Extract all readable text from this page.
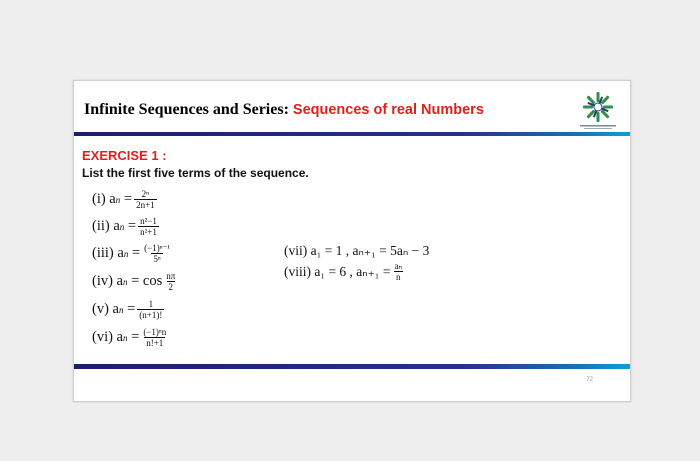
Infinite Sequences and Series: Sequences of real Numbers
EXERCISE 1 :
List the first five terms of the sequence.
(i) a n
= $\frac{\text{2ⁿ}}{2n+1}$
(ii) a n
= $\frac{\text{n²−1}}{\text{n²+1}}$
(iii) a n
= $\frac{\text{(−1)ⁿ⁻¹}}{\text{5ⁿ}}$
(iv) a n
= $\cos \frac{n\pi}{2}$
(v) a n
= $\frac{1}{(n+1)!}$
(vi) a n
= $\frac{\text{(−1)ⁿn}}{n!+1}$
(vii) a₁ = 1 , aₙ₊₁ = 5aₙ − 3
(viii) a₁ = 6 , $a_{n+1} = \frac{\text{aₙ}}{n}$
72
